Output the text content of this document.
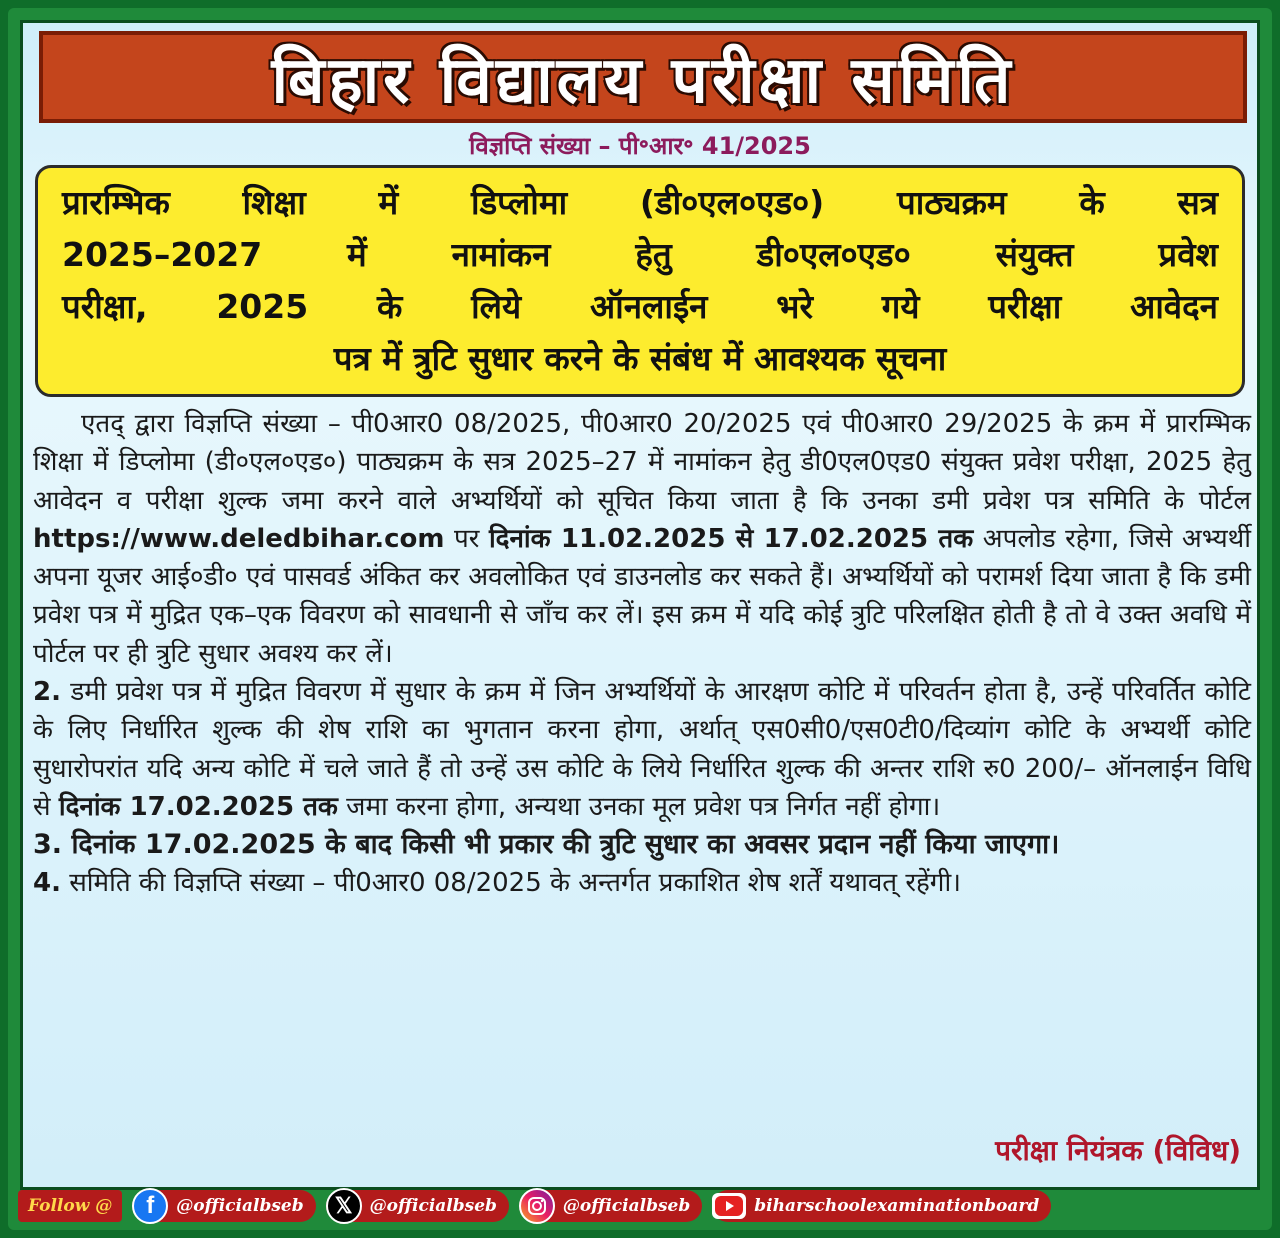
बिहार विद्यालय परीक्षा समिति
विज्ञप्ति संख्या – पी॰आर॰ 41/2025
प्रारम्भिक शिक्षा में डिप्लोमा (डी०एल०एड०) पाठ्यक्रम के सत्र
2025–2027 में नामांकन हेतु डी०एल०एड० संयुक्त प्रवेश
परीक्षा, 2025 के लिये ऑनलाईन भरे गये परीक्षा आवेदन
पत्र में त्रुटि सुधार करने के संबंध में आवश्यक सूचना

एतद् द्वारा विज्ञप्ति संख्या – पी0आर0 08/2025, पी0आर0 20/2025 एवं पी0आर0 29/2025 के क्रम में प्रारम्भिक शिक्षा में डिप्लोमा (डी०एल०एड०) पाठ्यक्रम के सत्र 2025–27 में नामांकन हेतु डी0एल0एड0 संयुक्त प्रवेश परीक्षा, 2025 हेतु आवेदन व परीक्षा शुल्क जमा करने वाले अभ्यर्थियों को सूचित किया जाता है कि उनका डमी प्रवेश पत्र समिति के पोर्टल https://www.deledbihar.com पर दिनांक 11.02.2025 से 17.02.2025 तक अपलोड रहेगा, जिसे अभ्यर्थी अपना यूजर आई०डी० एवं पासवर्ड अंकित कर अवलोकित एवं डाउनलोड कर सकते हैं। अभ्यर्थियों को परामर्श दिया जाता है कि डमी प्रवेश पत्र में मुद्रित एक–एक विवरण को सावधानी से जाँच कर लें। इस क्रम में यदि कोई त्रुटि परिलक्षित होती है तो वे उक्त अवधि में पोर्टल पर ही त्रुटि सुधार अवश्य कर लें।

2. डमी प्रवेश पत्र में मुद्रित विवरण में सुधार के क्रम में जिन अभ्यर्थियों के आरक्षण कोटि में परिवर्तन होता है, उन्हें परिवर्तित कोटि के लिए निर्धारित शुल्क की शेष राशि का भुगतान करना होगा, अर्थात् एस0सी0/एस0टी0/दिव्यांग कोटि के अभ्यर्थी कोटि सुधारोपरांत यदि अन्य कोटि में चले जाते हैं तो उन्हें उस कोटि के लिये निर्धारित शुल्क की अन्तर राशि रु0 200/– ऑनलाईन विधि से दिनांक 17.02.2025 तक जमा करना होगा, अन्यथा उनका मूल प्रवेश पत्र निर्गत नहीं होगा।

3. दिनांक 17.02.2025 के बाद किसी भी प्रकार की त्रुटि सुधार का अवसर प्रदान नहीं किया जाएगा।

4. समिति की विज्ञप्ति संख्या – पी0आर0 08/2025 के अन्तर्गत प्रकाशित शेष शर्तें यथावत् रहेंगी।

परीक्षा नियंत्रक (विविध)
Follow @	f	@officialbseb	𝕏	@officialbseb	@officialbseb	biharschoolexaminationboard
